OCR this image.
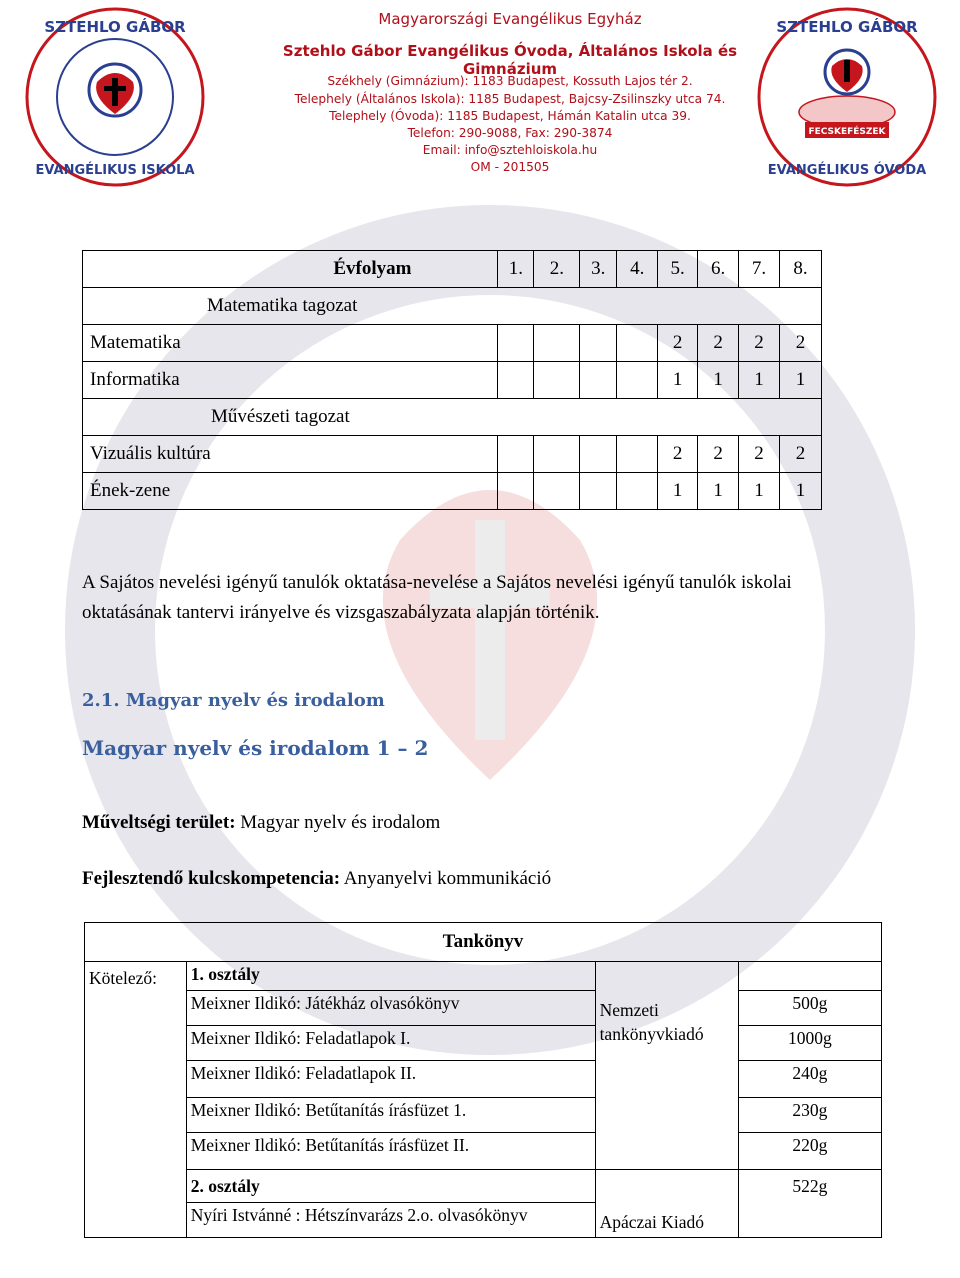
SZTEHLO GÁBOR
EVANGÉLIKUS ISKOLA
FECSKEFÉSZEK
SZTEHLO GÁBOR
EVANGÉLIKUS ÓVODA
Magyarországi Evangélikus Egyház
Sztehlo Gábor Evangélikus Óvoda, Általános Iskola és Gimnázium
Székhely (Gimnázium): 1183 Budapest, Kossuth Lajos tér 2.
Telephely (Általános Iskola): 1185 Budapest, Bajcsy-Zsilinszky utca 74.
Telephely (Óvoda): 1185 Budapest, Hámán Katalin utca 39.
Telefon: 290-9088, Fax: 290-3874
Email: info@sztehloiskola.hu
OM - 201505
Évfolyam	1.	2.	3.	4.	5.	6.	7.	8.
Matematika tagozat								
Matematika					2	2	2	2
Informatika					1	1	1	1
Művészeti tagozat								
Vizuális kultúra					2	2	2	2
Ének-zene					1	1	1	1
A Sajátos nevelési igényű tanulók oktatása-nevelése a Sajátos nevelési igényű tanulók iskolai oktatásának tantervi irányelve és vizsgaszabályzata alapján történik.
2.1. Magyar nyelv és irodalom
Magyar nyelv és irodalom 1 – 2
Műveltségi terület: Magyar nyelv és irodalom
Fejlesztendő kulcskompetencia: Anyanyelvi kommunikáció
Tankönyv			
Kötelező:	1. osztály	Nemzeti tankönyvkiadó	
	Meixner Ildikó: Játékház olvasókönyv		500g
	Meixner Ildikó: Feladatlapok I.		1000g
	Meixner Ildikó: Feladatlapok II.		240g
	Meixner Ildikó: Betűtanítás írásfüzet 1.		230g
	Meixner Ildikó: Betűtanítás írásfüzet II.		220g
	2. osztály	Apáczai Kiadó	522g
	Nyíri Istvánné : Hétszínvarázs 2.o. olvasókönyv		
